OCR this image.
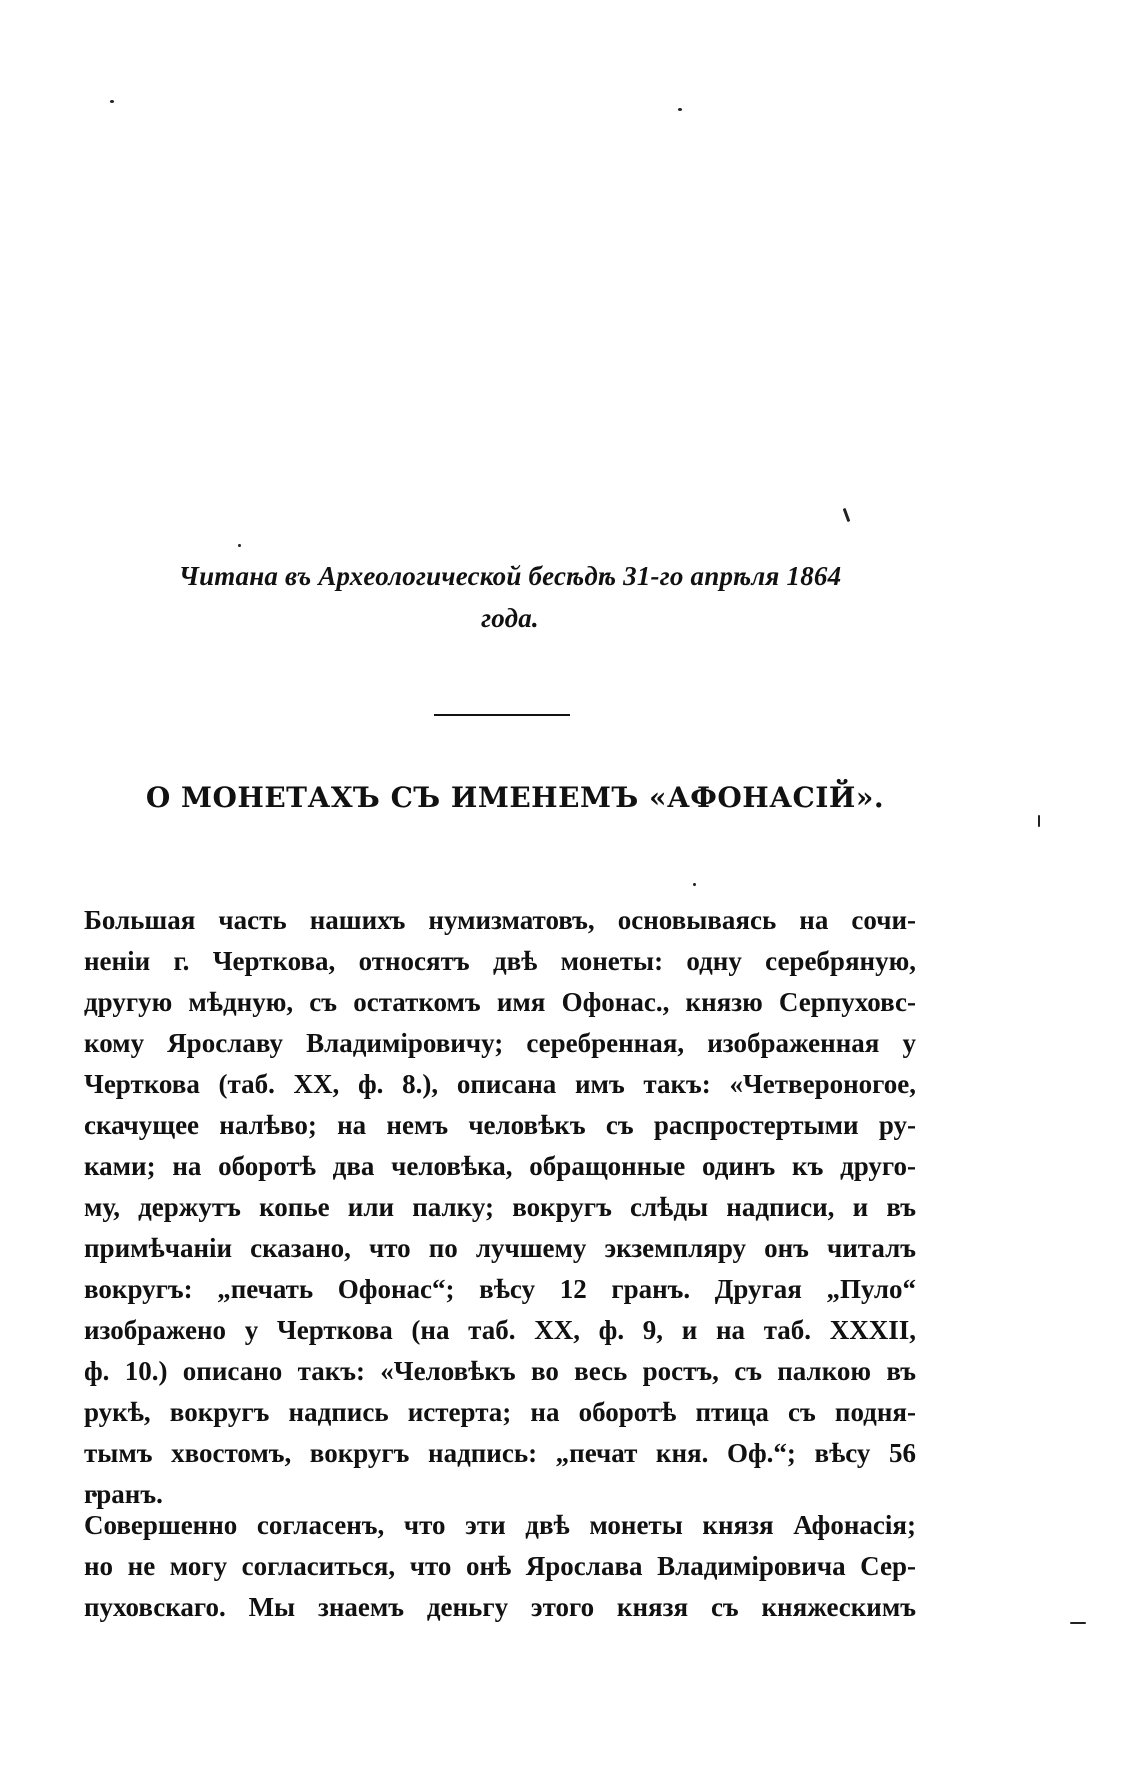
Читана въ Археологической бесѣдѣ 31-го апрѣля 1864
года.
О МОНЕТАХЪ СЪ ИМЕНЕМЪ «АФОНАСІЙ».
Большая часть нашихъ нумизматовъ, основываясь на сочи-
неніи г. Черткова, относятъ двѣ монеты: одну серебряную,
другую мѣдную, съ остаткомъ имя Офонас., князю Серпуховс-
кому Ярославу Владиміровичу; серебренная, изображенная у
Черткова (таб. XX, ф. 8.), описана имъ такъ: «Четвероногое,
скачущее налѣво; на немъ человѣкъ съ распростертыми ру-
ками; на оборотѣ два человѣка, обращонные одинъ къ друго-
му, держутъ копье или палку; вокругъ слѣды надписи, и въ
примѣчаніи сказано, что по лучшему экземпляру онъ читалъ
вокругъ: „печать Офонас“; вѣсу 12 гранъ. Другая „Пуло“
изображено у Черткова (на таб. XX, ф. 9, и на таб. XXXII,
ф. 10.) описано такъ: «Человѣкъ во весь ростъ, съ палкою въ
рукѣ, вокругъ надпись истерта; на оборотѣ птица съ подня-
тымъ хвостомъ, вокругъ надпись: „печат кня. Оф.“; вѣсу 56
гранъ.
Совершенно согласенъ, что эти двѣ монеты князя Афонасія;
но не могу согласиться, что онѣ Ярослава Владиміровича Сер-
пуховскаго. Мы знаемъ деньгу этого князя съ княжескимъ
